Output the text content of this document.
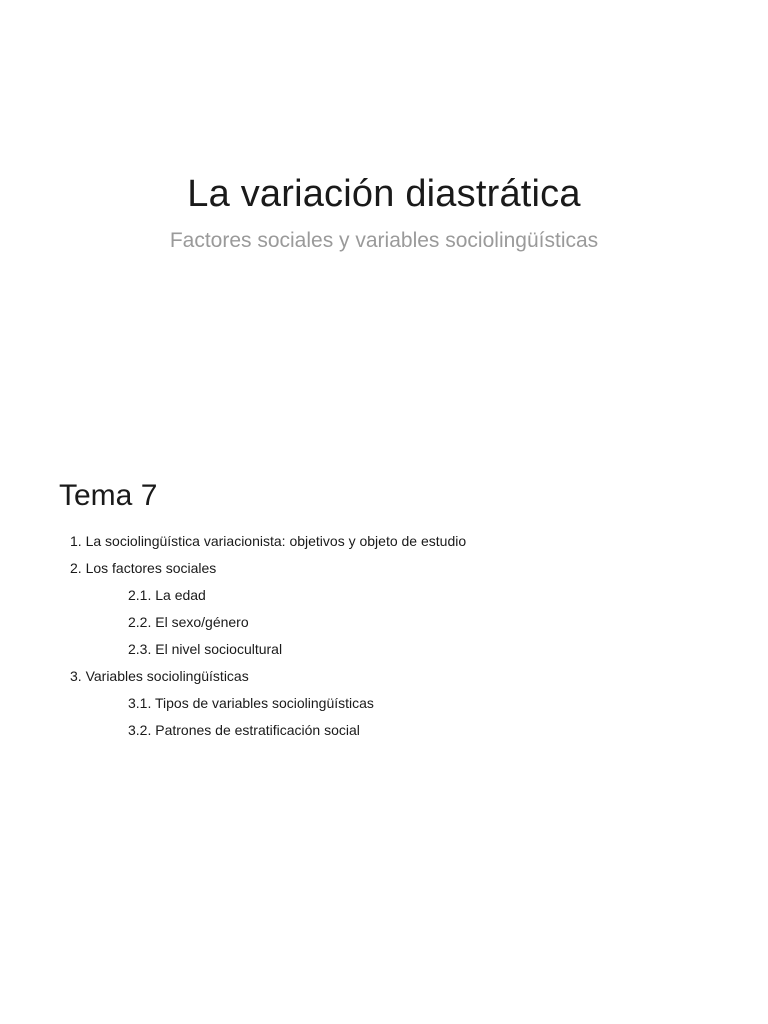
La variación diastrática

Factores sociales y variables sociolingüísticas

Tema 7
1. La sociolingüística variacionista: objetivos y objeto de estudio
2. Los factores sociales
2.1. La edad
2.2. El sexo/género
2.3. El nivel sociocultural
3. Variables sociolingüísticas
3.1. Tipos de variables sociolingüísticas
3.2. Patrones de estratificación social
